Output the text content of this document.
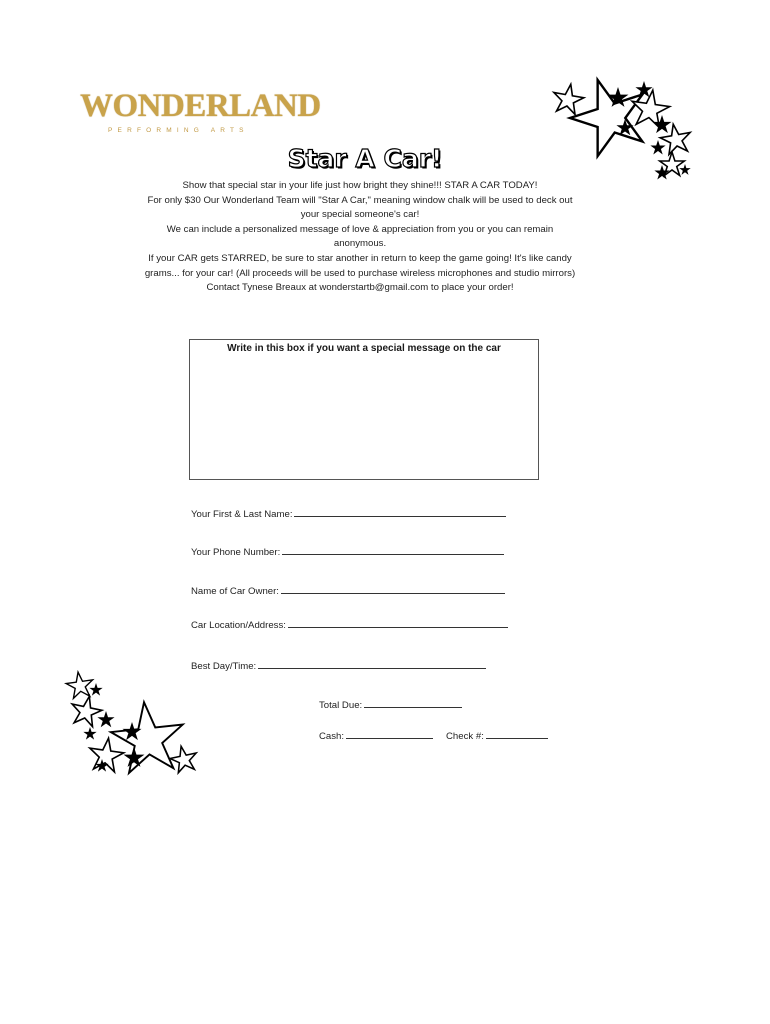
WONDERLAND
PERFORMING ARTS
Star A Car!
Show that special star in your life just how bright they shine!!! STAR A CAR TODAY!
For only $30 Our Wonderland Team will "Star A Car," meaning window chalk will be used to deck out
your special someone's car!
We can include a personalized message of love & appreciation from you or you can remain
anonymous.
If your CAR gets STARRED, be sure to star another in return to keep the game going! It's like candy
grams... for your car! (All proceeds will be used to purchase wireless microphones and studio mirrors)
Contact Tynese Breaux at wonderstartb@gmail.com to place your order!
Write in this box if you want a special message on the car
Your First & Last Name:
Your Phone Number:
Name of Car Owner:
Car Location/Address:
Best Day/Time:
Total Due:
Cash:	Check #:
